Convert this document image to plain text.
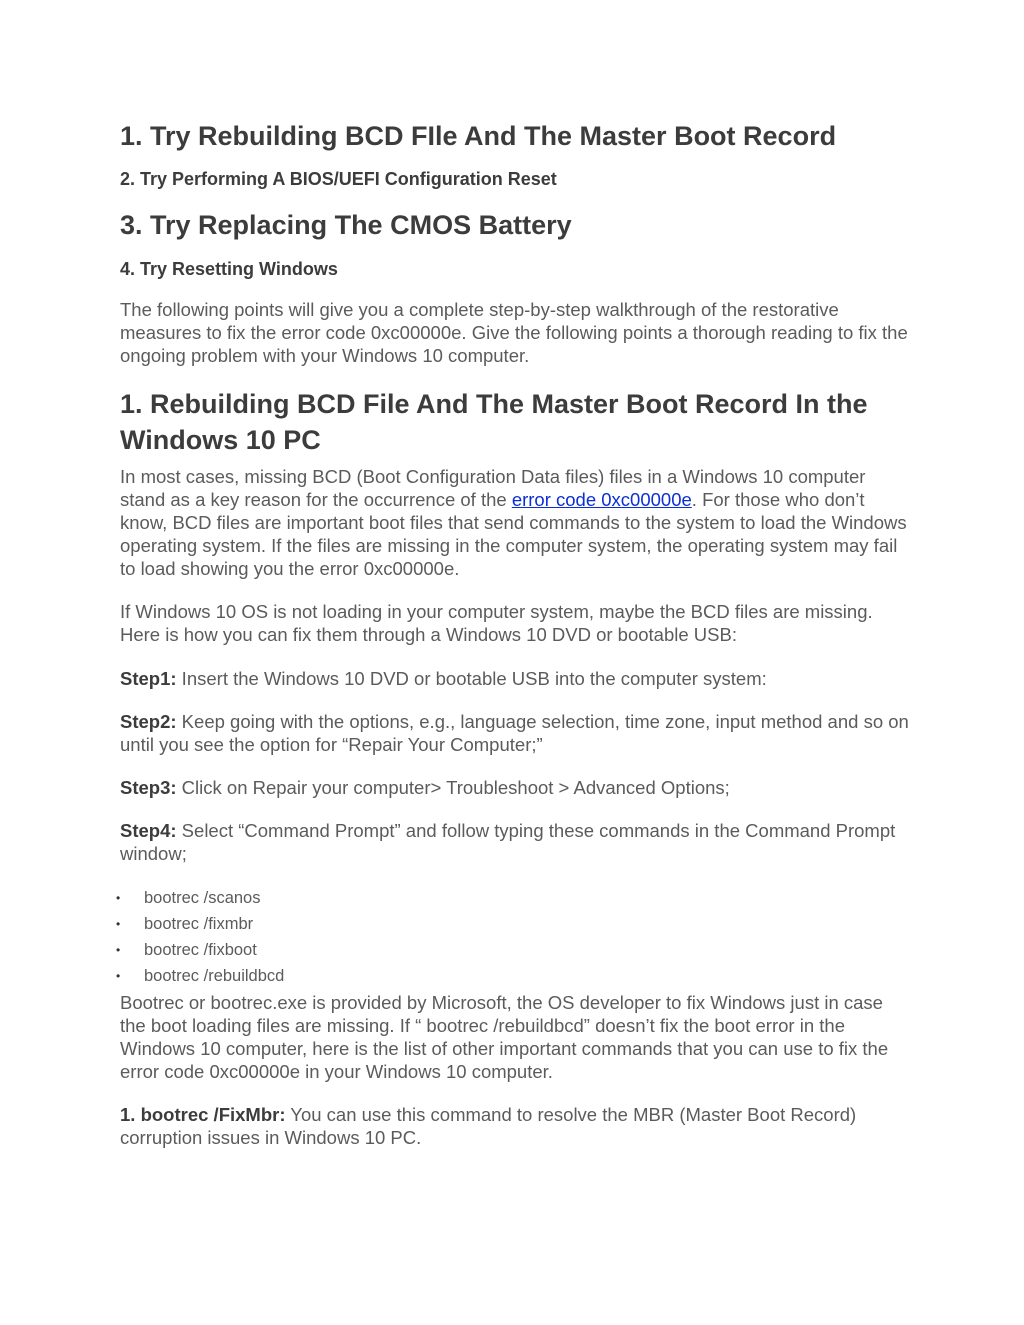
1. Try Rebuilding BCD FIle And The Master Boot Record
2. Try Performing A BIOS/UEFI Configuration Reset
3. Try Replacing The CMOS Battery
4. Try Resetting Windows

The following points will give you a complete step-by-step walkthrough of the restorative measures to fix the error code 0xc00000e. Give the following points a thorough reading to fix the ongoing problem with your Windows 10 computer.

1. Rebuilding BCD File And The Master Boot Record In the Windows 10 PC

In most cases, missing BCD (Boot Configuration Data files) files in a Windows 10 computer stand as a key reason for the occurrence of the error code 0xc00000e. For those who don’t know, BCD files are important boot files that send commands to the system to load the Windows operating system. If the files are missing in the computer system, the operating system may fail to load showing you the error 0xc00000e.

If Windows 10 OS is not loading in your computer system, maybe the BCD files are missing. Here is how you can fix them through a Windows 10 DVD or bootable USB:

Step1: Insert the Windows 10 DVD or bootable USB into the computer system:

Step2: Keep going with the options, e.g., language selection, time zone, input method and so on until you see the option for “Repair Your Computer;”

Step3: Click on Repair your computer> Troubleshoot > Advanced Options;

Step4: Select “Command Prompt” and follow typing these commands in the Command Prompt window;

• bootrec /scanos
• bootrec /fixmbr
• bootrec /fixboot
• bootrec /rebuildbcd

Bootrec or bootrec.exe is provided by Microsoft, the OS developer to fix Windows just in case the boot loading files are missing. If “ bootrec /rebuildbcd” doesn’t fix the boot error in the Windows 10 computer, here is the list of other important commands that you can use to fix the error code 0xc00000e in your Windows 10 computer.

1. bootrec /FixMbr: You can use this command to resolve the MBR (Master Boot Record) corruption issues in Windows 10 PC.
